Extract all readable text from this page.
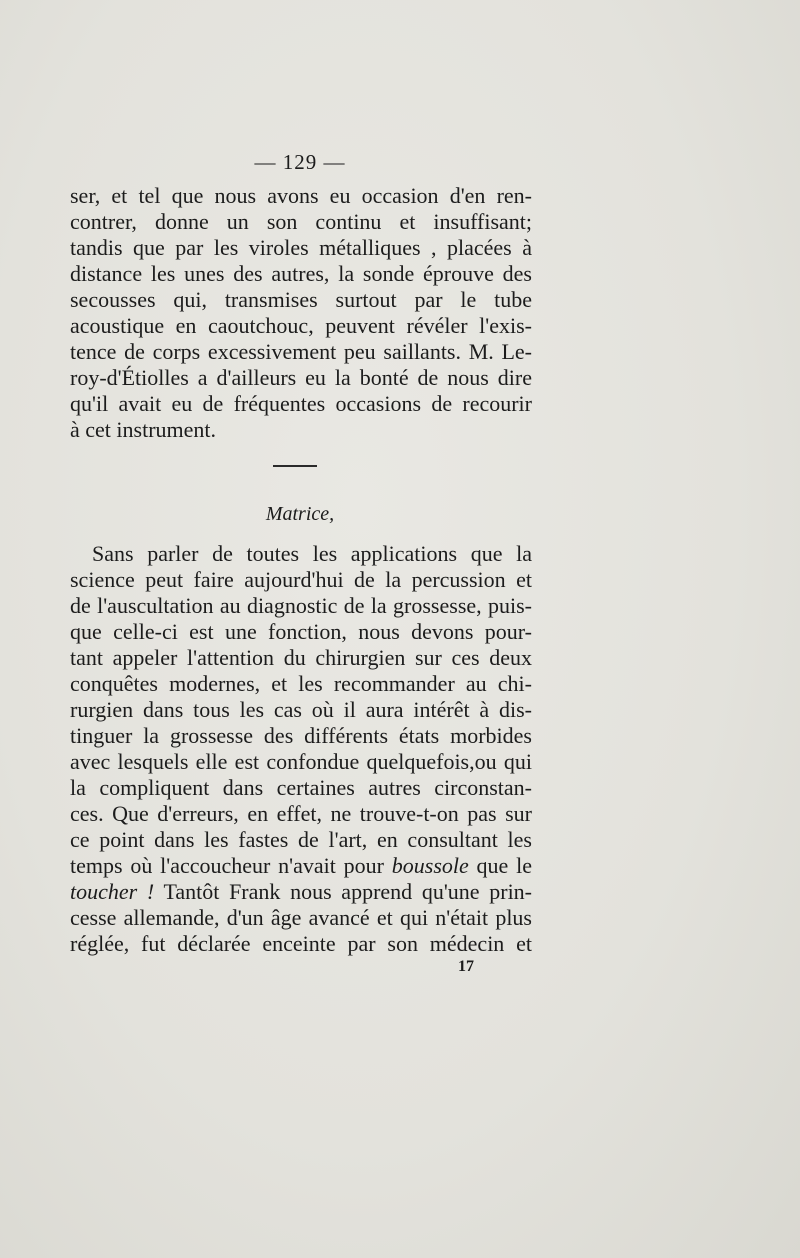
— 129 —
ser, et tel que nous avons eu occasion d'en ren-
contrer, donne un son continu et insuffisant;
tandis que par les viroles métalliques , placées à
distance les unes des autres, la sonde éprouve des
secousses qui, transmises surtout par le tube
acoustique en caoutchouc, peuvent révéler l'exis-
tence de corps excessivement peu saillants. M. Le-
roy-d'Étiolles a d'ailleurs eu la bonté de nous dire
qu'il avait eu de fréquentes occasions de recourir
à cet instrument.
Matrice,
Sans parler de toutes les applications que la
science peut faire aujourd'hui de la percussion et
de l'auscultation au diagnostic de la grossesse, puis-
que celle-ci est une fonction, nous devons pour-
tant appeler l'attention du chirurgien sur ces deux
conquêtes modernes, et les recommander au chi-
rurgien dans tous les cas où il aura intérêt à dis-
tinguer la grossesse des différents états morbides
avec lesquels elle est confondue quelquefois,ou qui
la compliquent dans certaines autres circonstan-
ces. Que d'erreurs, en effet, ne trouve-t-on pas sur
ce point dans les fastes de l'art, en consultant les
temps où l'accoucheur n'avait pour boussole que le
toucher ! Tantôt Frank nous apprend qu'une prin-
cesse allemande, d'un âge avancé et qui n'était plus
réglée, fut déclarée enceinte par son médecin et
17
